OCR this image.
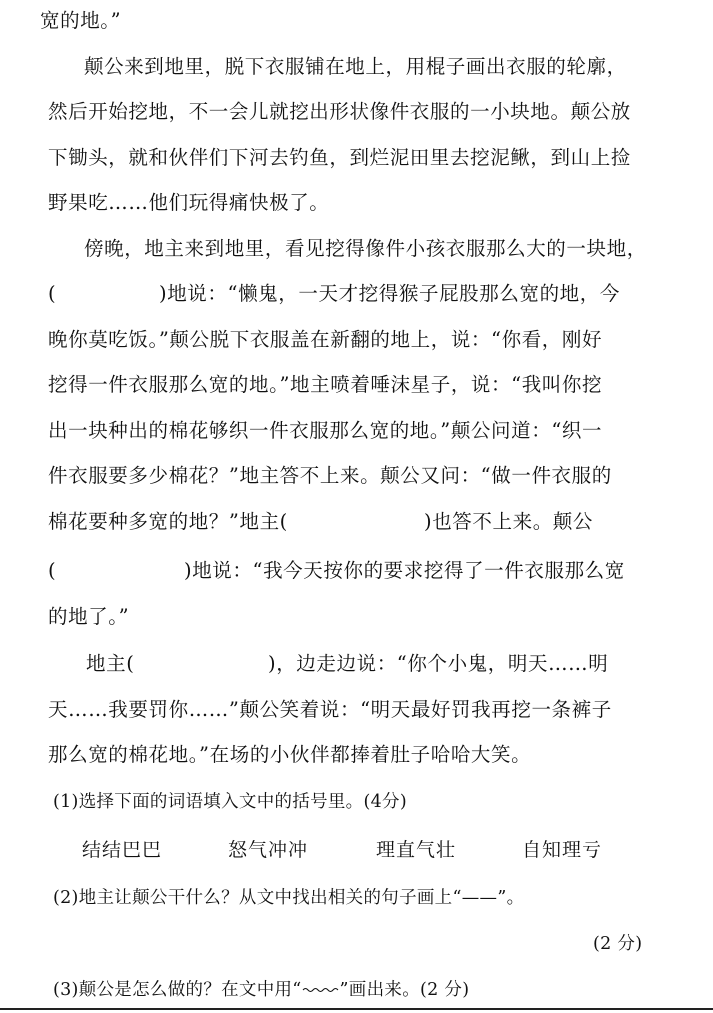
宽的地。”
颠公来到地里，脱下衣服铺在地上，用棍子画出衣服的轮廓，
然后开始挖地，不一会儿就挖出形状像件衣服的一小块地。颠公放
下锄头，就和伙伴们下河去钓鱼，到烂泥田里去挖泥鳅，到山上捡
野果吃……他们玩得痛快极了。
傍晚，地主来到地里，看见挖得像件小孩衣服那么大的一块地，
(	)地说：“懒鬼，一天才挖得猴子屁股那么宽的地，今
晚你莫吃饭。”颠公脱下衣服盖在新翻的地上，说：“你看，刚好
挖得一件衣服那么宽的地。”地主喷着唾沫星子，说：“我叫你挖
出一块种出的棉花够织一件衣服那么宽的地。”颠公问道：“织一
件衣服要多少棉花？”地主答不上来。颠公又问：“做一件衣服的
棉花要种多宽的地？”地主(	)也答不上来。颠公
(	)地说：“我今天按你的要求挖得了一件衣服那么宽
的地了。”
地主(	)，边走边说：“你个小鬼，明天……明
天……我要罚你……”颠公笑着说：“明天最好罚我再挖一条裤子
那么宽的棉花地。”在场的小伙伴都捧着肚子哈哈大笑。
(1)选择下面的词语填入文中的括号里。(4分)
结结巴巴	怒气冲冲	理直气壮	自知理亏
(2)地主让颠公干什么？从文中找出相关的句子画上“——”。
(2 分)
(3)颠公是怎么做的？在文中用“ ”画出来。(2 分)
